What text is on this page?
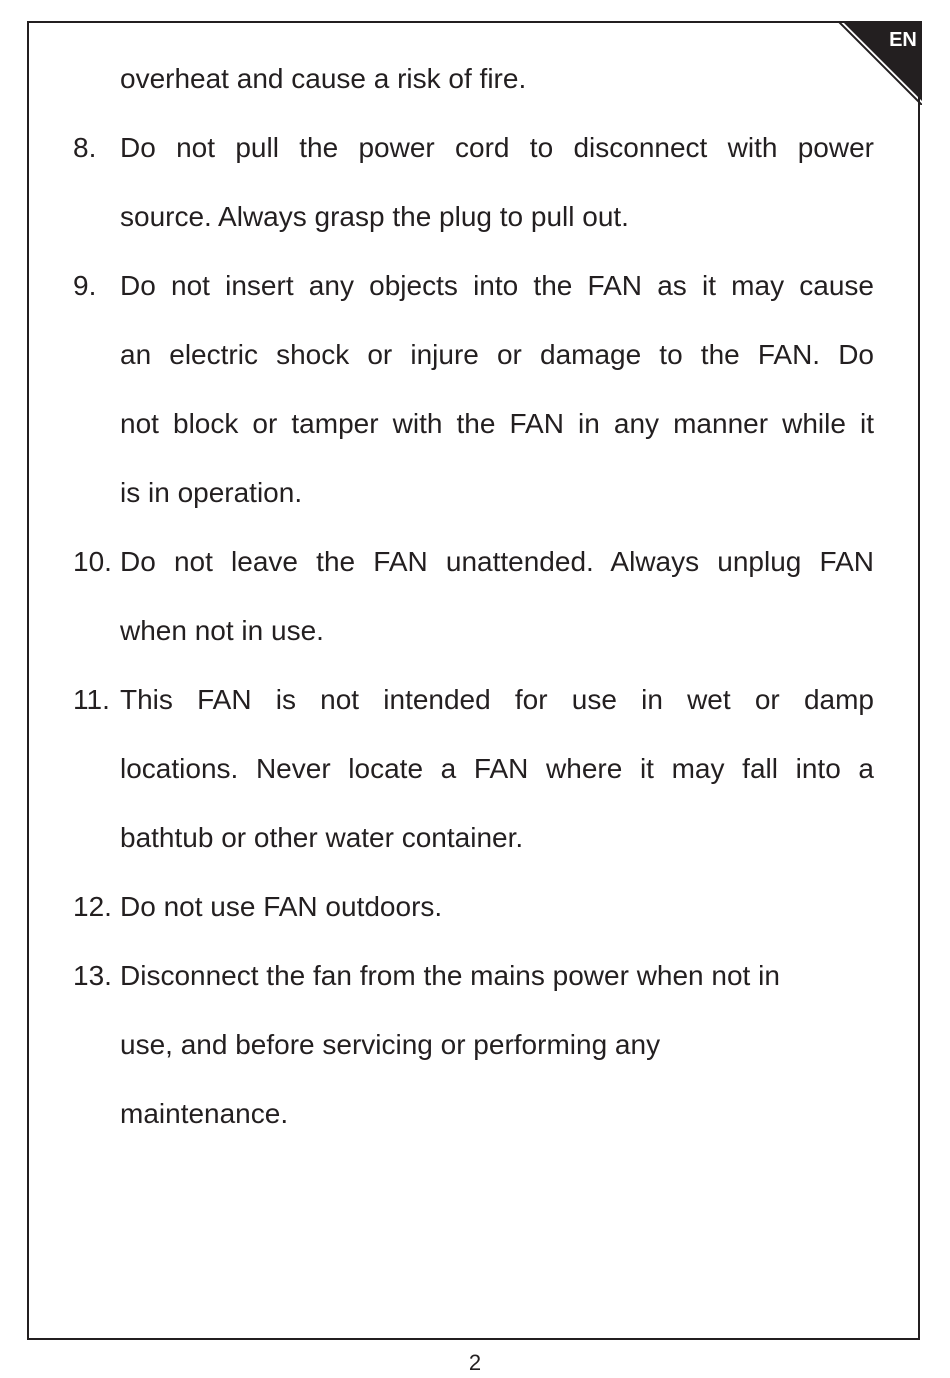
EN
overheat and cause a risk of fire.
8. Do not pull the power cord to disconnect with power
source. Always grasp the plug to pull out.
9. Do not insert any objects into the FAN as it may cause
an electric shock or injure or damage to the FAN. Do
not block or tamper with the FAN in any manner while it
is in operation.
10. Do not leave the FAN unattended. Always unplug FAN
when not in use.
11. This FAN is not intended for use in wet or damp
locations. Never locate a FAN where it may fall into a
bathtub or other water container.
12. Do not use FAN outdoors.
13. Disconnect the fan from the mains power when not in
use, and before servicing or performing any
maintenance.
2
